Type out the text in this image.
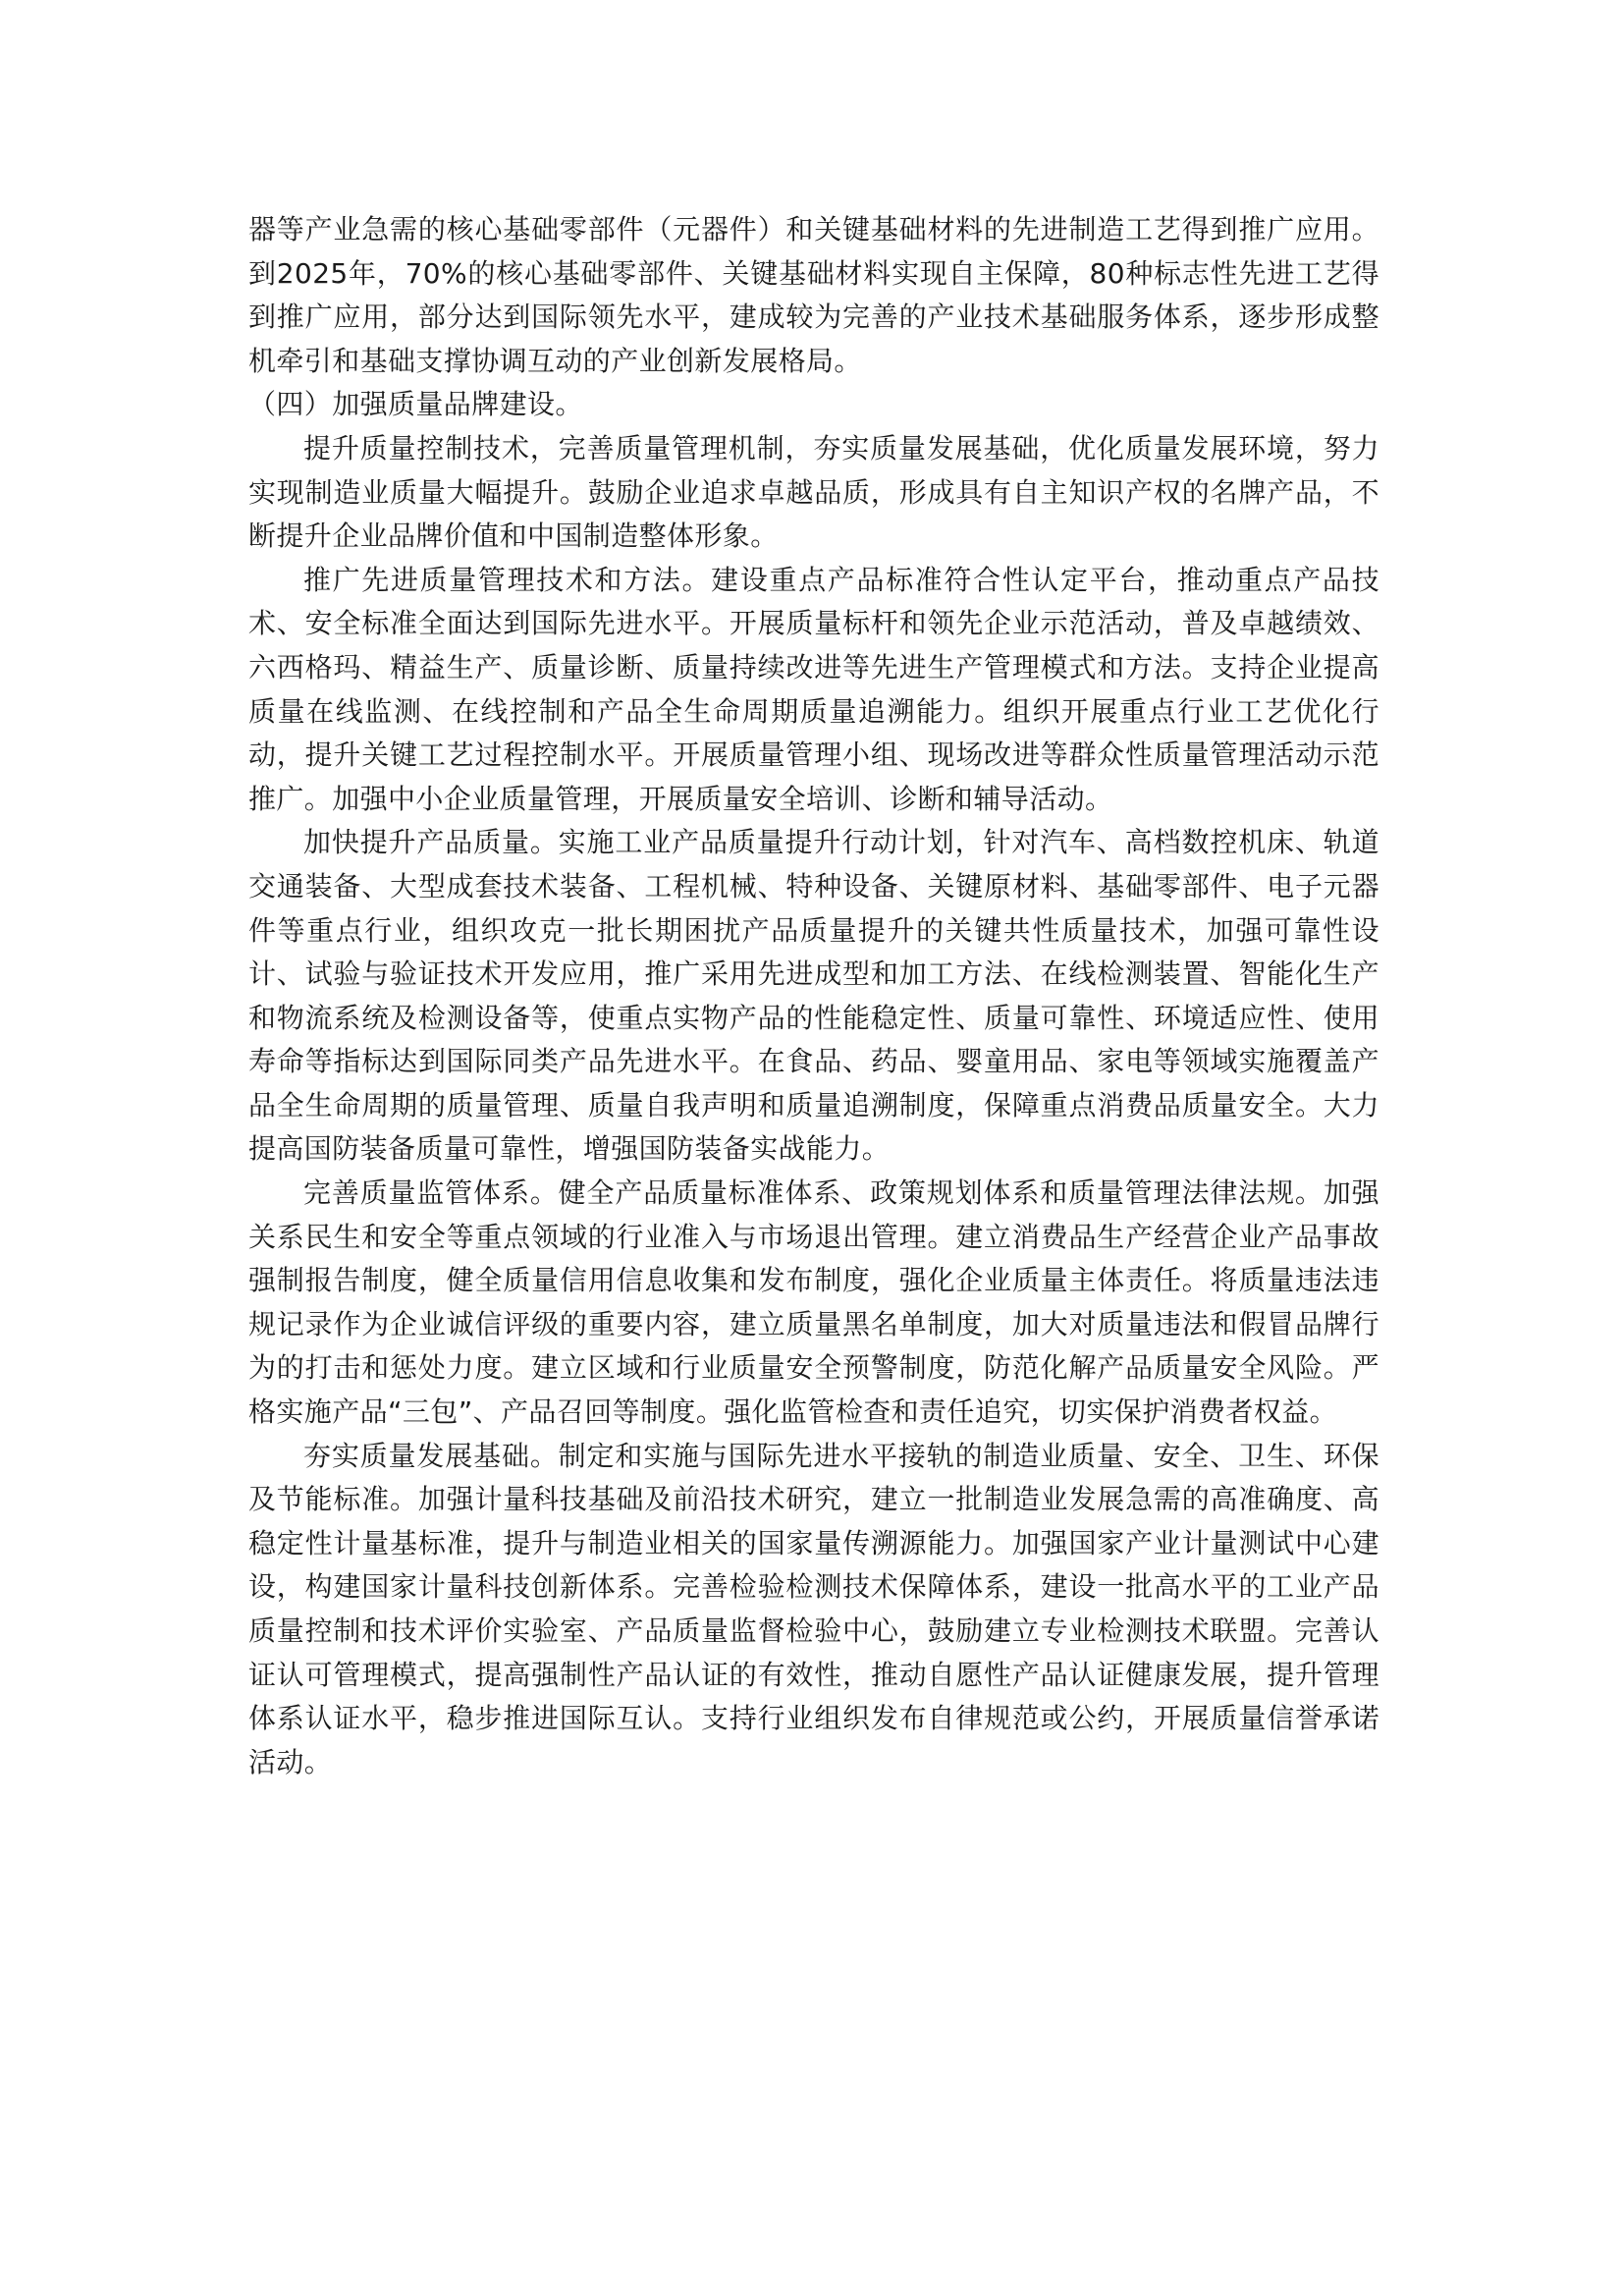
器等产业急需的核心基础零部件（元器件）和关键基础材料的先进制造工艺得到推广应用。到2025年，70%的核心基础零部件、关键基础材料实现自主保障，80种标志性先进工艺得到推广应用，部分达到国际领先水平，建成较为完善的产业技术基础服务体系，逐步形成整机牵引和基础支撑协调互动的产业创新发展格局。

（四）加强质量品牌建设。

提升质量控制技术，完善质量管理机制，夯实质量发展基础，优化质量发展环境，努力实现制造业质量大幅提升。鼓励企业追求卓越品质，形成具有自主知识产权的名牌产品，不断提升企业品牌价值和中国制造整体形象。

推广先进质量管理技术和方法。建设重点产品标准符合性认定平台，推动重点产品技术、安全标准全面达到国际先进水平。开展质量标杆和领先企业示范活动，普及卓越绩效、六西格玛、精益生产、质量诊断、质量持续改进等先进生产管理模式和方法。支持企业提高质量在线监测、在线控制和产品全生命周期质量追溯能力。组织开展重点行业工艺优化行动，提升关键工艺过程控制水平。开展质量管理小组、现场改进等群众性质量管理活动示范推广。加强中小企业质量管理，开展质量安全培训、诊断和辅导活动。

加快提升产品质量。实施工业产品质量提升行动计划，针对汽车、高档数控机床、轨道交通装备、大型成套技术装备、工程机械、特种设备、关键原材料、基础零部件、电子元器件等重点行业，组织攻克一批长期困扰产品质量提升的关键共性质量技术，加强可靠性设计、试验与验证技术开发应用，推广采用先进成型和加工方法、在线检测装置、智能化生产和物流系统及检测设备等，使重点实物产品的性能稳定性、质量可靠性、环境适应性、使用寿命等指标达到国际同类产品先进水平。在食品、药品、婴童用品、家电等领域实施覆盖产品全生命周期的质量管理、质量自我声明和质量追溯制度，保障重点消费品质量安全。大力提高国防装备质量可靠性，增强国防装备实战能力。

完善质量监管体系。健全产品质量标准体系、政策规划体系和质量管理法律法规。加强关系民生和安全等重点领域的行业准入与市场退出管理。建立消费品生产经营企业产品事故强制报告制度，健全质量信用信息收集和发布制度，强化企业质量主体责任。将质量违法违规记录作为企业诚信评级的重要内容，建立质量黑名单制度，加大对质量违法和假冒品牌行为的打击和惩处力度。建立区域和行业质量安全预警制度，防范化解产品质量安全风险。严格实施产品“三包”、产品召回等制度。强化监管检查和责任追究，切实保护消费者权益。

夯实质量发展基础。制定和实施与国际先进水平接轨的制造业质量、安全、卫生、环保及节能标准。加强计量科技基础及前沿技术研究，建立一批制造业发展急需的高准确度、高稳定性计量基标准，提升与制造业相关的国家量传溯源能力。加强国家产业计量测试中心建设，构建国家计量科技创新体系。完善检验检测技术保障体系，建设一批高水平的工业产品质量控制和技术评价实验室、产品质量监督检验中心，鼓励建立专业检测技术联盟。完善认证认可管理模式，提高强制性产品认证的有效性，推动自愿性产品认证健康发展，提升管理体系认证水平，稳步推进国际互认。支持行业组织发布自律规范或公约，开展质量信誉承诺活动。
